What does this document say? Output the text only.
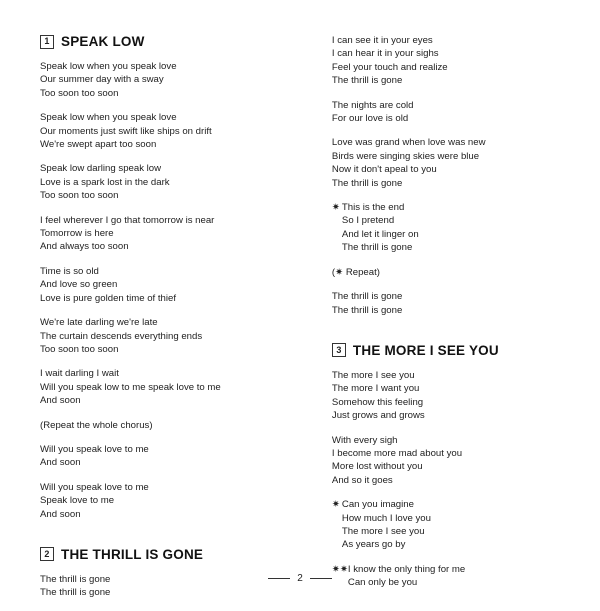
1 SPEAK LOW
Speak low when you speak love
Our summer day with a sway
Too soon too soon
Speak low when you speak love
Our moments just swift like ships on drift
We're swept apart too soon
Speak low darling speak low
Love is a spark lost in the dark
Too soon too soon
I feel wherever I go that tomorrow is near
Tomorrow is here
And always too soon
Time is so old
And love so green
Love is pure golden time of thief
We're late darling we're late
The curtain descends everything ends
Too soon too soon
I wait darling I wait
Will you speak low to me speak love to me
And soon
(Repeat the whole chorus)
Will you speak love to me
And soon
Will you speak love to me
Speak love to me
And soon
2 THE THRILL IS GONE
The thrill is gone
The thrill is gone
I can see it in your eyes
I can hear it in your sighs
Feel your touch and realize
The thrill is gone
The nights are cold
For our love is old
Love was grand when love was new
Birds were singing skies were blue
Now it don't apeal to you
The thrill is gone
✷ This is the end
So I pretend
And let it linger on
The thrill is gone
(✷ Repeat)
The thrill is gone
The thrill is gone
3 THE MORE I SEE YOU
The more I see you
The more I want you
Somehow this feeling
Just grows and grows
With every sigh
I become more mad about you
More lost without you
And so it goes
✷ Can you imagine
How much I love you
The more I see you
As years go by
✷✷ I know the only thing for me
Can only be you
2
